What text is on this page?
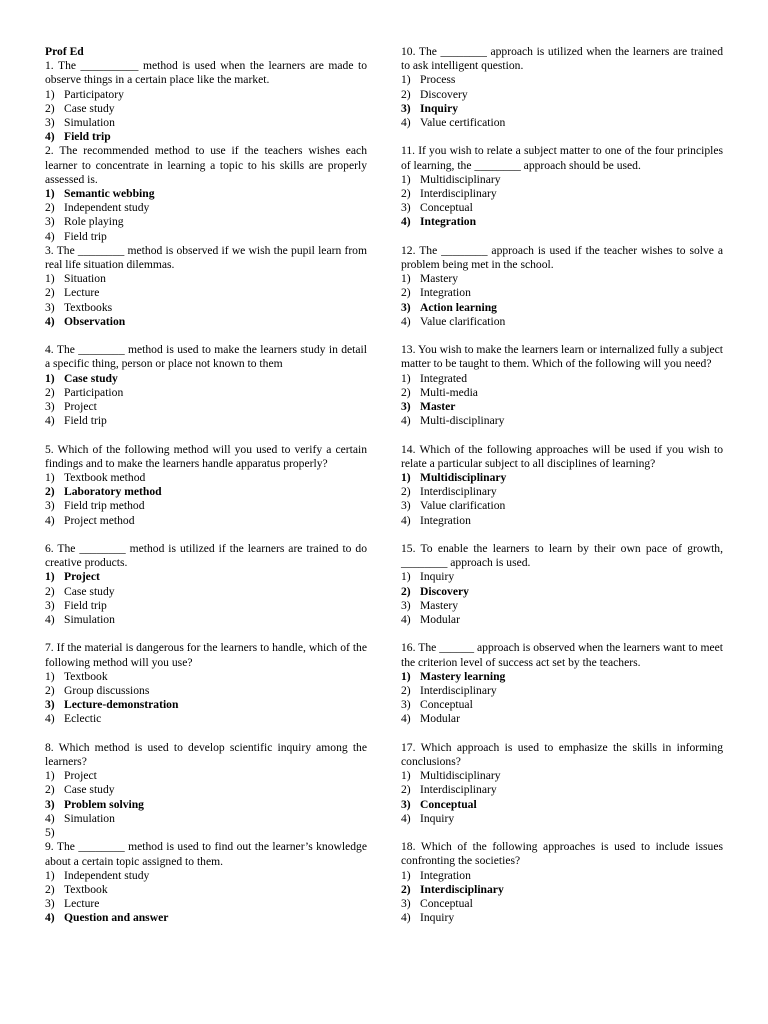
Prof Ed
1. The __________ method is used when the learners are made to observe things in a certain place like the market.
1) Participatory
2) Case study
3) Simulation
4) Field trip
2. The recommended method to use if the teachers wishes each learner to concentrate in learning a topic to his skills are properly assessed is.
1) Semantic webbing
2) Independent study
3) Role playing
4) Field trip
3. The ________ method is observed if we wish the pupil learn from real life situation dilemmas.
1) Situation
2) Lecture
3) Textbooks
4) Observation
4. The ________ method is used to make the learners study in detail a specific thing, person or place not known to them
1) Case study
2) Participation
3) Project
4) Field trip
5. Which of the following method will you used to verify a certain findings and to make the learners handle apparatus properly?
1) Textbook method
2) Laboratory method
3) Field trip method
4) Project method
6. The ________ method is utilized if the learners are trained to do creative products.
1) Project
2) Case study
3) Field trip
4) Simulation
7. If the material is dangerous for the learners to handle, which of the following method will you use?
1) Textbook
2) Group discussions
3) Lecture-demonstration
4) Eclectic
8. Which method is used to develop scientific inquiry among the learners?
1) Project
2) Case study
3) Problem solving
4) Simulation
5)
9. The ________ method is used to find out the learner’s knowledge about a certain topic assigned to them.
1) Independent study
2) Textbook
3) Lecture
4) Question and answer
10. The ________ approach is utilized when the learners are trained to ask intelligent question.
1) Process
2) Discovery
3) Inquiry
4) Value certification
11. If you wish to relate a subject matter to one of the four principles of learning, the ________ approach should be used.
1) Multidisciplinary
2) Interdisciplinary
3) Conceptual
4) Integration
12. The ________ approach is used if the teacher wishes to solve a problem being met in the school.
1) Mastery
2) Integration
3) Action learning
4) Value clarification
13. You wish to make the learners learn or internalized fully a subject matter to be taught to them. Which of the following will you need?
1) Integrated
2) Multi-media
3) Master
4) Multi-disciplinary
14. Which of the following approaches will be used if you wish to relate a particular subject to all disciplines of learning?
1) Multidisciplinary
2) Interdisciplinary
3) Value clarification
4) Integration
15. To enable the learners to learn by their own pace of growth, ________ approach is used.
1) Inquiry
2) Discovery
3) Mastery
4) Modular
16. The ______ approach is observed when the learners want to meet the criterion level of success act set by the teachers.
1) Mastery learning
2) Interdisciplinary
3) Conceptual
4) Modular
17. Which approach is used to emphasize the skills in informing conclusions?
1) Multidisciplinary
2) Interdisciplinary
3) Conceptual
4) Inquiry
18. Which of the following approaches is used to include issues confronting the societies?
1) Integration
2) Interdisciplinary
3) Conceptual
4) Inquiry
